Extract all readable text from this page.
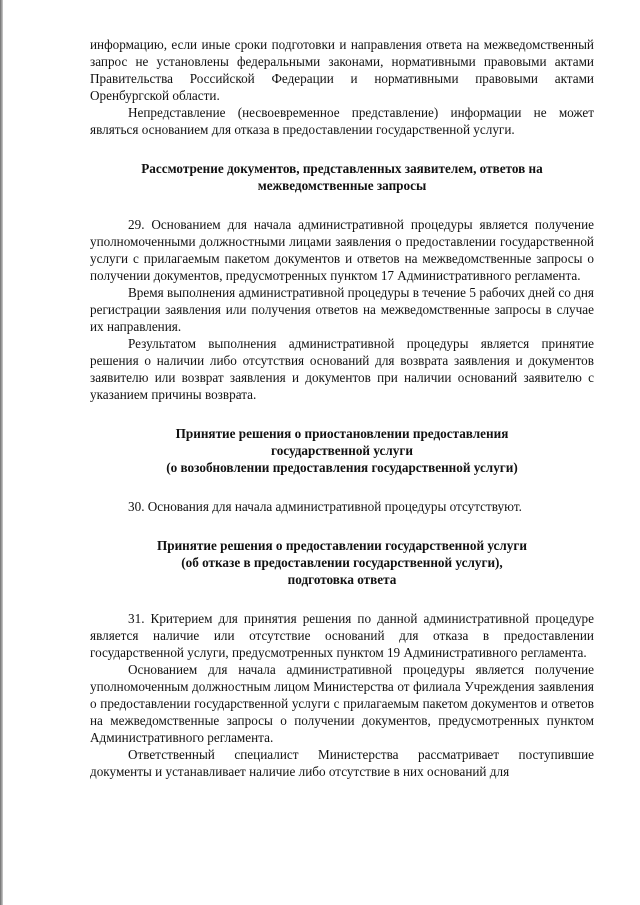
информацию, если иные сроки подготовки и направления ответа на межведомственный запрос не установлены федеральными законами, нормативными правовыми актами Правительства Российской Федерации и нормативными правовыми актами Оренбургской области.

Непредставление (несвоевременное представление) информации не может являться основанием для отказа в предоставлении государственной услуги.

Рассмотрение документов, представленных заявителем, ответов на межведомственные запросы

29. Основанием для начала административной процедуры является получение уполномоченными должностными лицами заявления о предоставлении государственной услуги с прилагаемым пакетом документов и ответов на межведомственные запросы о получении документов, предусмотренных пунктом 17 Административного регламента.

Время выполнения административной процедуры в течение 5 рабочих дней со дня регистрации заявления или получения ответов на межведомственные запросы в случае их направления.

Результатом выполнения административной процедуры является принятие решения о наличии либо отсутствия оснований для возврата заявления и документов заявителю или возврат заявления и документов при наличии оснований заявителю с указанием причины возврата.

Принятие решения о приостановлении предоставления
государственной услуги
(о возобновлении предоставления государственной услуги)

30. Основания для начала административной процедуры отсутствуют.

Принятие решения о предоставлении государственной услуги
(об отказе в предоставлении государственной услуги),
подготовка ответа

31. Критерием для принятия решения по данной административной процедуре является наличие или отсутствие оснований для отказа в предоставлении государственной услуги, предусмотренных пунктом 19 Административного регламента.

Основанием для начала административной процедуры является получение уполномоченным должностным лицом Министерства от филиала Учреждения заявления о предоставлении государственной услуги с прилагаемым пакетом документов и ответов на межведомственные запросы о получении документов, предусмотренных пунктом Административного регламента.

Ответственный специалист Министерства рассматривает поступившие документы и устанавливает наличие либо отсутствие в них оснований для
